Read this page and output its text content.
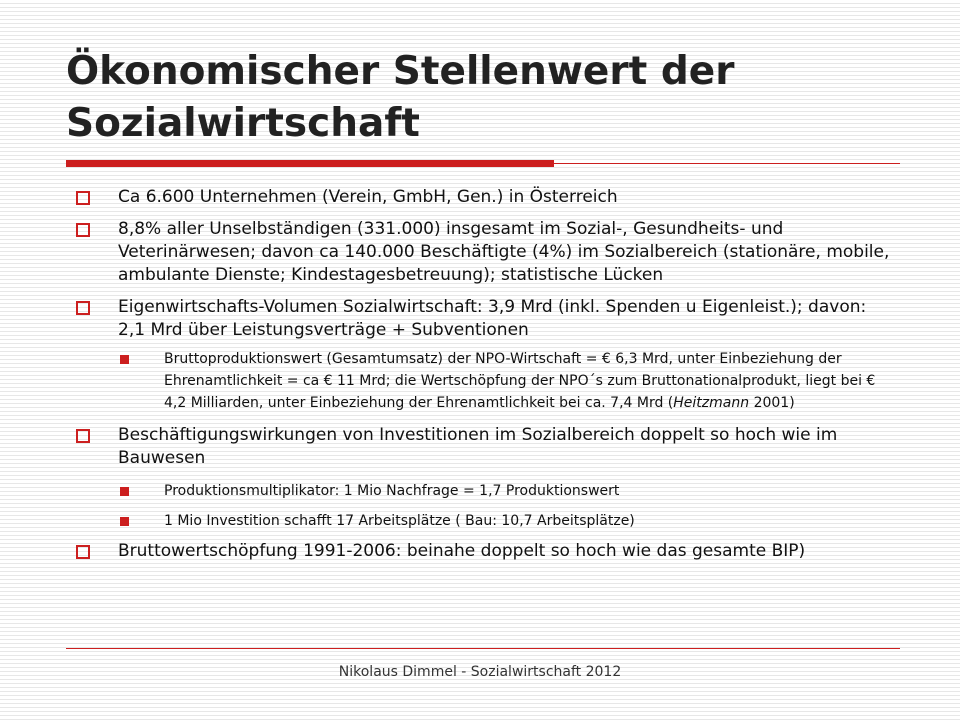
Ökonomischer Stellenwert der Sozialwirtschaft
Ca 6.600 Unternehmen (Verein, GmbH, Gen.) in Österreich
8,8% aller Unselbständigen (331.000) insgesamt im Sozial-, Gesundheits- und Veterinärwesen; davon ca 140.000 Beschäftigte (4%) im Sozialbereich (stationäre, mobile, ambulante Dienste; Kindestagesbetreuung); statistische Lücken
Eigenwirtschafts-Volumen Sozialwirtschaft: 3,9 Mrd (inkl. Spenden u Eigenleist.); davon: 2,1 Mrd über Leistungsverträge + Subventionen
Bruttoproduktionswert (Gesamtumsatz) der NPO-Wirtschaft = € 6,3 Mrd, unter Einbeziehung der Ehrenamtlichkeit = ca € 11 Mrd; die Wertschöpfung der NPO´s zum Bruttonationalprodukt, liegt bei € 4,2 Milliarden, unter Einbeziehung der Ehrenamtlichkeit bei ca. 7,4 Mrd (Heitzmann 2001)
Beschäftigungswirkungen von Investitionen im Sozialbereich doppelt so hoch wie im Bauwesen
Produktionsmultiplikator: 1 Mio Nachfrage = 1,7 Produktionswert
1 Mio Investition schafft 17 Arbeitsplätze ( Bau: 10,7 Arbeitsplätze)
Bruttowertschöpfung 1991-2006: beinahe doppelt so hoch wie das gesamte BIP)
Nikolaus Dimmel - Sozialwirtschaft 2012
